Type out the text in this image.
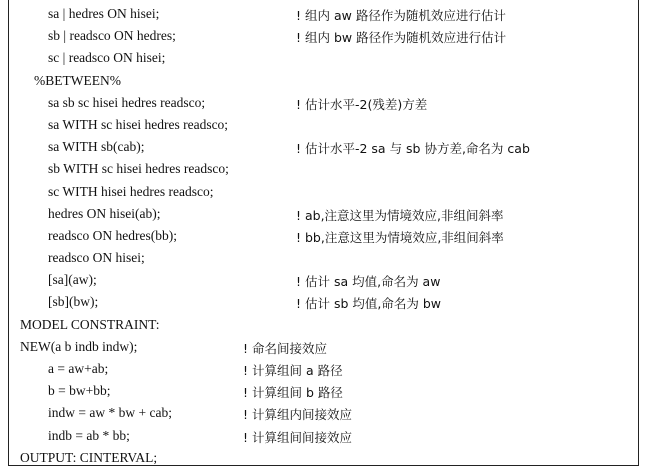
sa | hedres ON hisei;	! 组内 aw 路径作为随机效应进行估计
sb | readsco ON hedres;	! 组内 bw 路径作为随机效应进行估计
sc | readsco ON hisei;
%BETWEEN%
sa sb sc hisei hedres readsco;	! 估计水平-2(残差)方差
sa WITH sc hisei hedres readsco;
sa WITH sb(cab);	! 估计水平-2 sa 与 sb 协方差,命名为 cab
sb WITH sc hisei hedres readsco;
sc WITH hisei hedres readsco;
hedres ON hisei(ab);	! ab,注意这里为情境效应,非组间斜率
readsco ON hedres(bb);	! bb,注意这里为情境效应,非组间斜率
readsco ON hisei;
[sa](aw);	! 估计 sa 均值,命名为 aw
[sb](bw);	! 估计 sb 均值,命名为 bw
MODEL CONSTRAINT:
NEW(a b indb indw);	! 命名间接效应
a = aw+ab;	! 计算组间 a 路径
b = bw+bb;	! 计算组间 b 路径
indw = aw * bw + cab;	! 计算组内间接效应
indb = ab * bb;	! 计算组间间接效应
OUTPUT: CINTERVAL;
